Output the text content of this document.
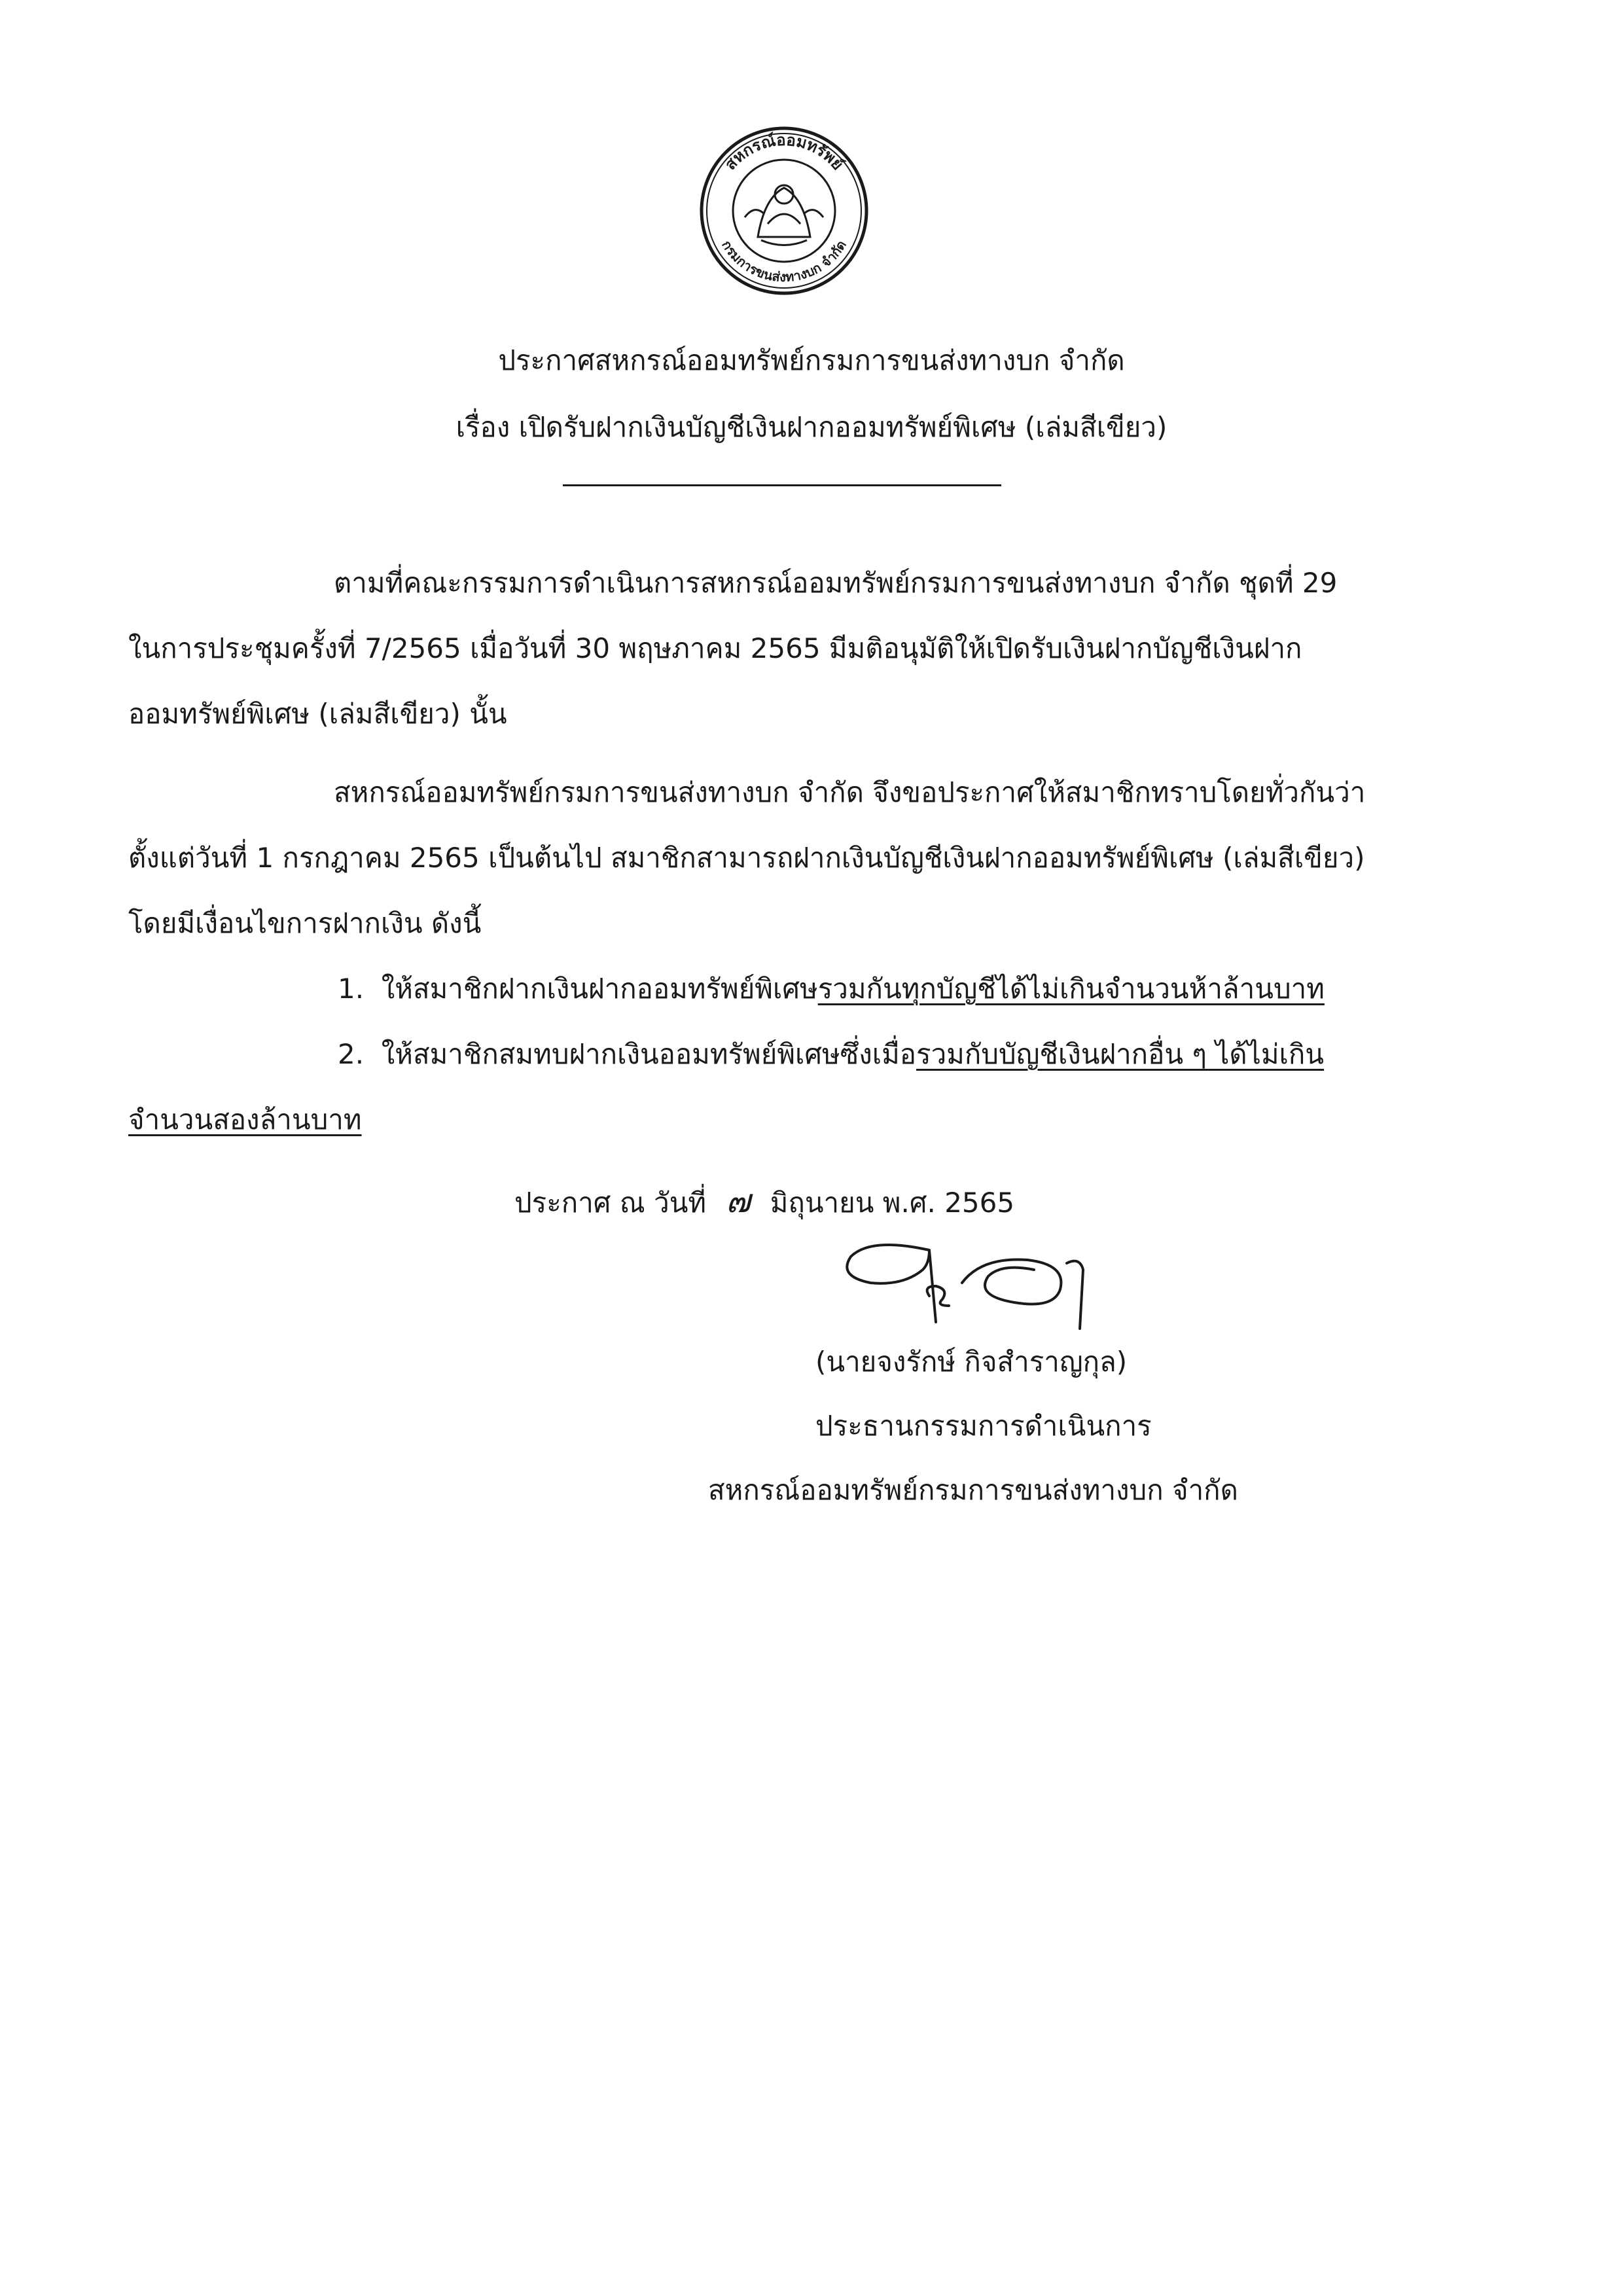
สหกรณ์ออมทรัพย์
กรมการขนส่งทางบก จำกัด
ประกาศสหกรณ์ออมทรัพย์กรมการขนส่งทางบก จำกัด
เรื่อง เปิดรับฝากเงินบัญชีเงินฝากออมทรัพย์พิเศษ (เล่มสีเขียว)
ตามที่คณะกรรมการดำเนินการสหกรณ์ออมทรัพย์กรมการขนส่งทางบก จำกัด ชุดที่ 29
ในการประชุมครั้งที่ 7/2565 เมื่อวันที่ 30 พฤษภาคม 2565 มีมติอนุมัติให้เปิดรับเงินฝากบัญชีเงินฝาก
ออมทรัพย์พิเศษ (เล่มสีเขียว) นั้น
สหกรณ์ออมทรัพย์กรมการขนส่งทางบก จำกัด จึงขอประกาศให้สมาชิกทราบโดยทั่วกันว่า
ตั้งแต่วันที่ 1 กรกฎาคม 2565 เป็นต้นไป สมาชิกสามารถฝากเงินบัญชีเงินฝากออมทรัพย์พิเศษ (เล่มสีเขียว)
โดยมีเงื่อนไขการฝากเงิน ดังนี้
1. ให้สมาชิกฝากเงินฝากออมทรัพย์พิเศษรวมกันทุกบัญชีได้ไม่เกินจำนวนห้าล้านบาท
2. ให้สมาชิกสมทบฝากเงินออมทรัพย์พิเศษซึ่งเมื่อรวมกับบัญชีเงินฝากอื่น ๆ ได้ไม่เกิน
จำนวนสองล้านบาท
ประกาศ ณ วันที่ ๗ มิถุนายน พ.ศ. 2565
(นายจงรักษ์ กิจสำราญกุล)
ประธานกรรมการดำเนินการ
สหกรณ์ออมทรัพย์กรมการขนส่งทางบก จำกัด
